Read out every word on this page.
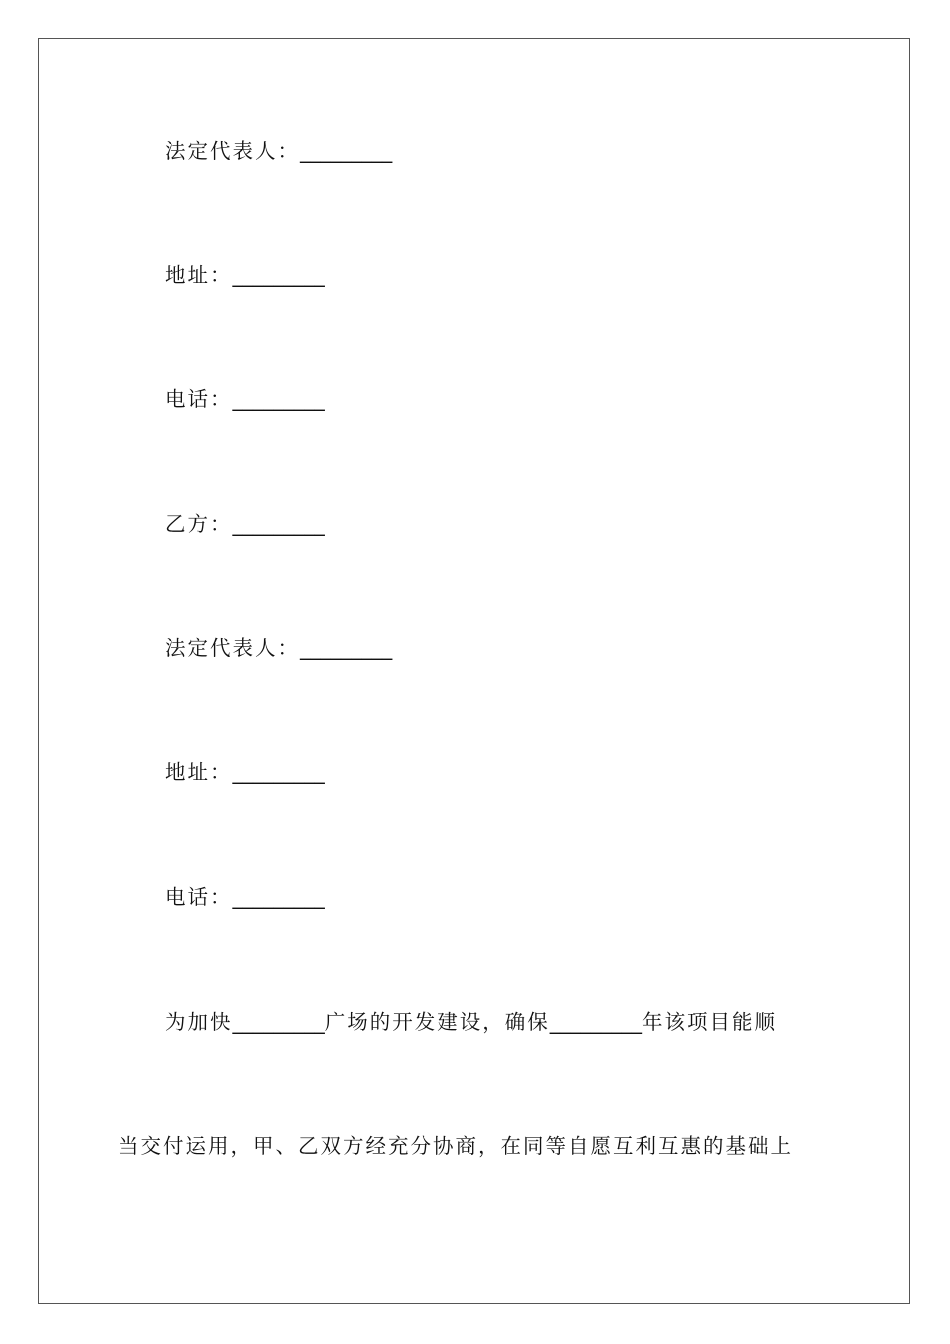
法定代表人：_________
地址：_________
电话：_________
乙方：_________
法定代表人：_________
地址：_________
电话：_________
为加快_________广场的开发建设，确保_________年该项目能顺
当交付运用，甲、乙双方经充分协商，在同等自愿互利互惠的基础上
